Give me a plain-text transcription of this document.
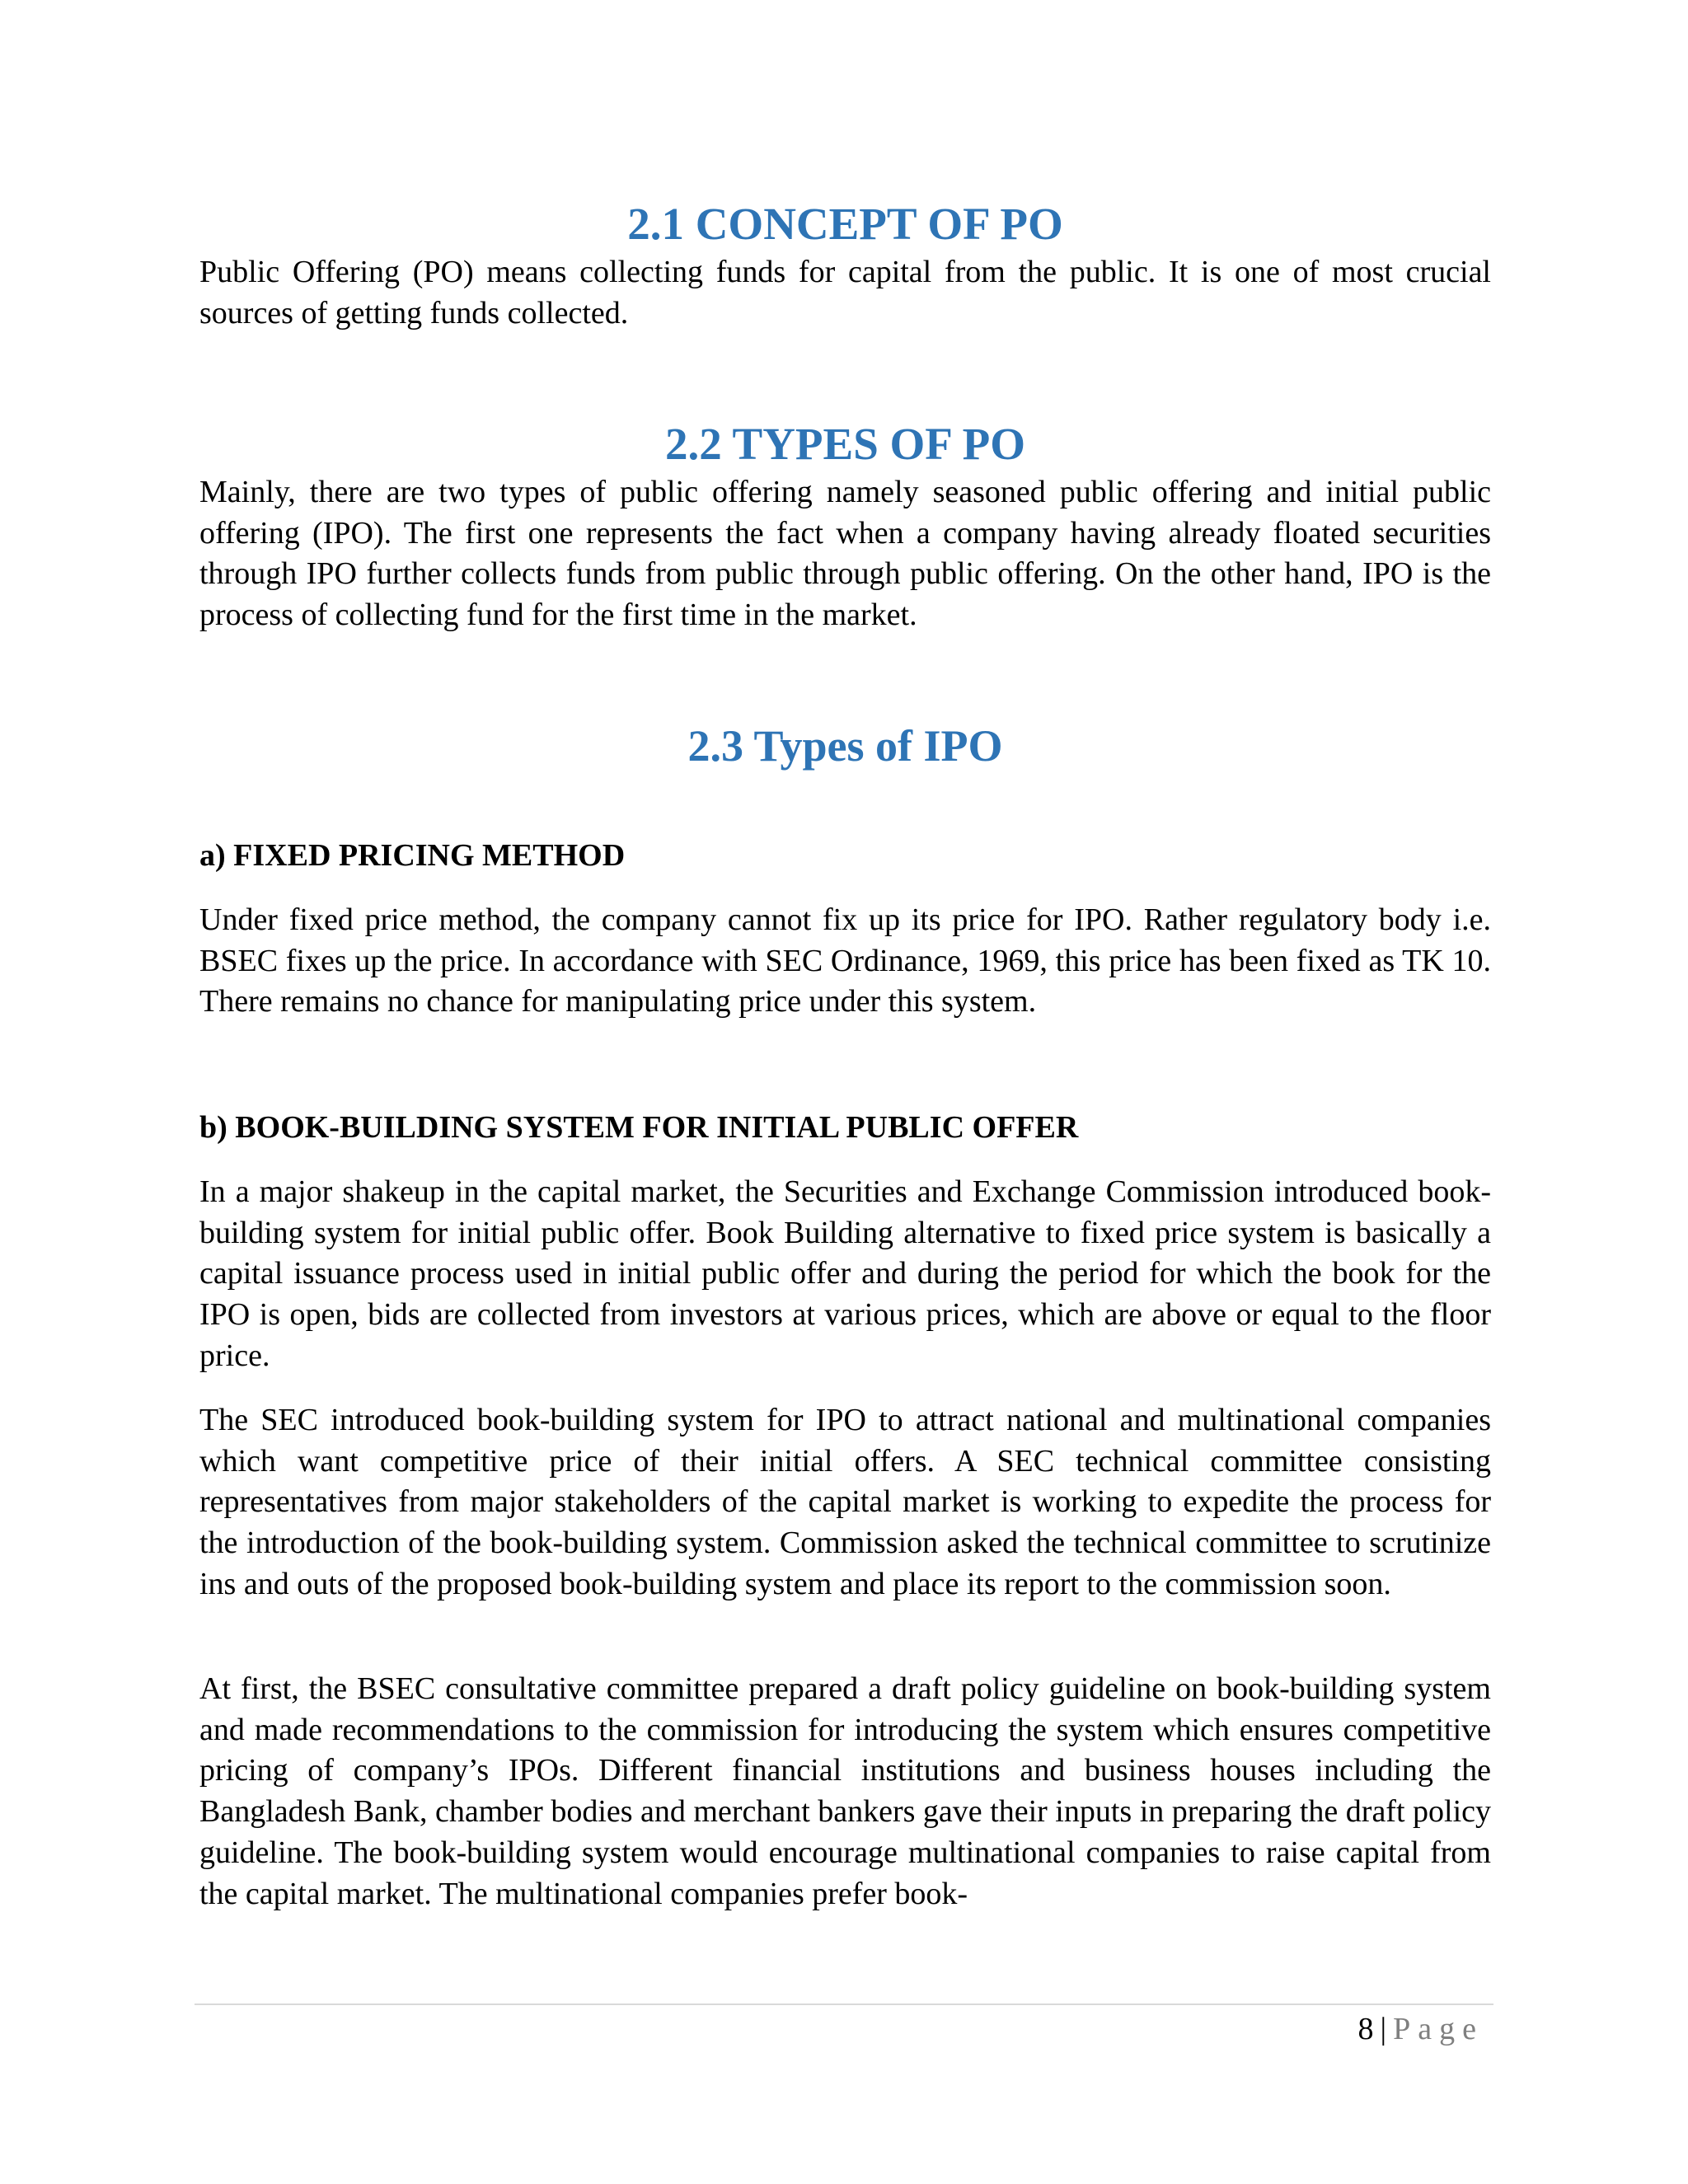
2.1 CONCEPT OF PO

Public Offering (PO) means collecting funds for capital from the public. It is one of most crucial sources of getting funds collected.

2.2 TYPES OF PO

Mainly, there are two types of public offering namely seasoned public offering and initial public offering (IPO). The first one represents the fact when a company having already floated securities through IPO further collects funds from public through public offering. On the other hand, IPO is the process of collecting fund for the first time in the market.

2.3 Types of IPO
a) FIXED PRICING METHOD

Under fixed price method, the company cannot fix up its price for IPO. Rather regulatory body i.e. BSEC fixes up the price. In accordance with SEC Ordinance, 1969, this price has been fixed as TK 10. There remains no chance for manipulating price under this system.

b) BOOK-BUILDING SYSTEM FOR INITIAL PUBLIC OFFER

In a major shakeup in the capital market, the Securities and Exchange Commission introduced book-building system for initial public offer. Book Building alternative to fixed price system is basically a capital issuance process used in initial public offer and during the period for which the book for the IPO is open, bids are collected from investors at various prices, which are above or equal to the floor price.

The SEC introduced book-building system for IPO to attract national and multinational companies which want competitive price of their initial offers. A SEC technical committee consisting representatives from major stakeholders of the capital market is working to expedite the process for the introduction of the book-building system. Commission asked the technical committee to scrutinize ins and outs of the proposed book-building system and place its report to the commission soon.

At first, the BSEC consultative committee prepared a draft policy guideline on book-building system and made recommendations to the commission for introducing the system which ensures competitive pricing of company’s IPOs. Different financial institutions and business houses including the Bangladesh Bank, chamber bodies and merchant bankers gave their inputs in preparing the draft policy guideline. The book-building system would encourage multinational companies to raise capital from the capital market. The multinational companies prefer book-

8 | Page
